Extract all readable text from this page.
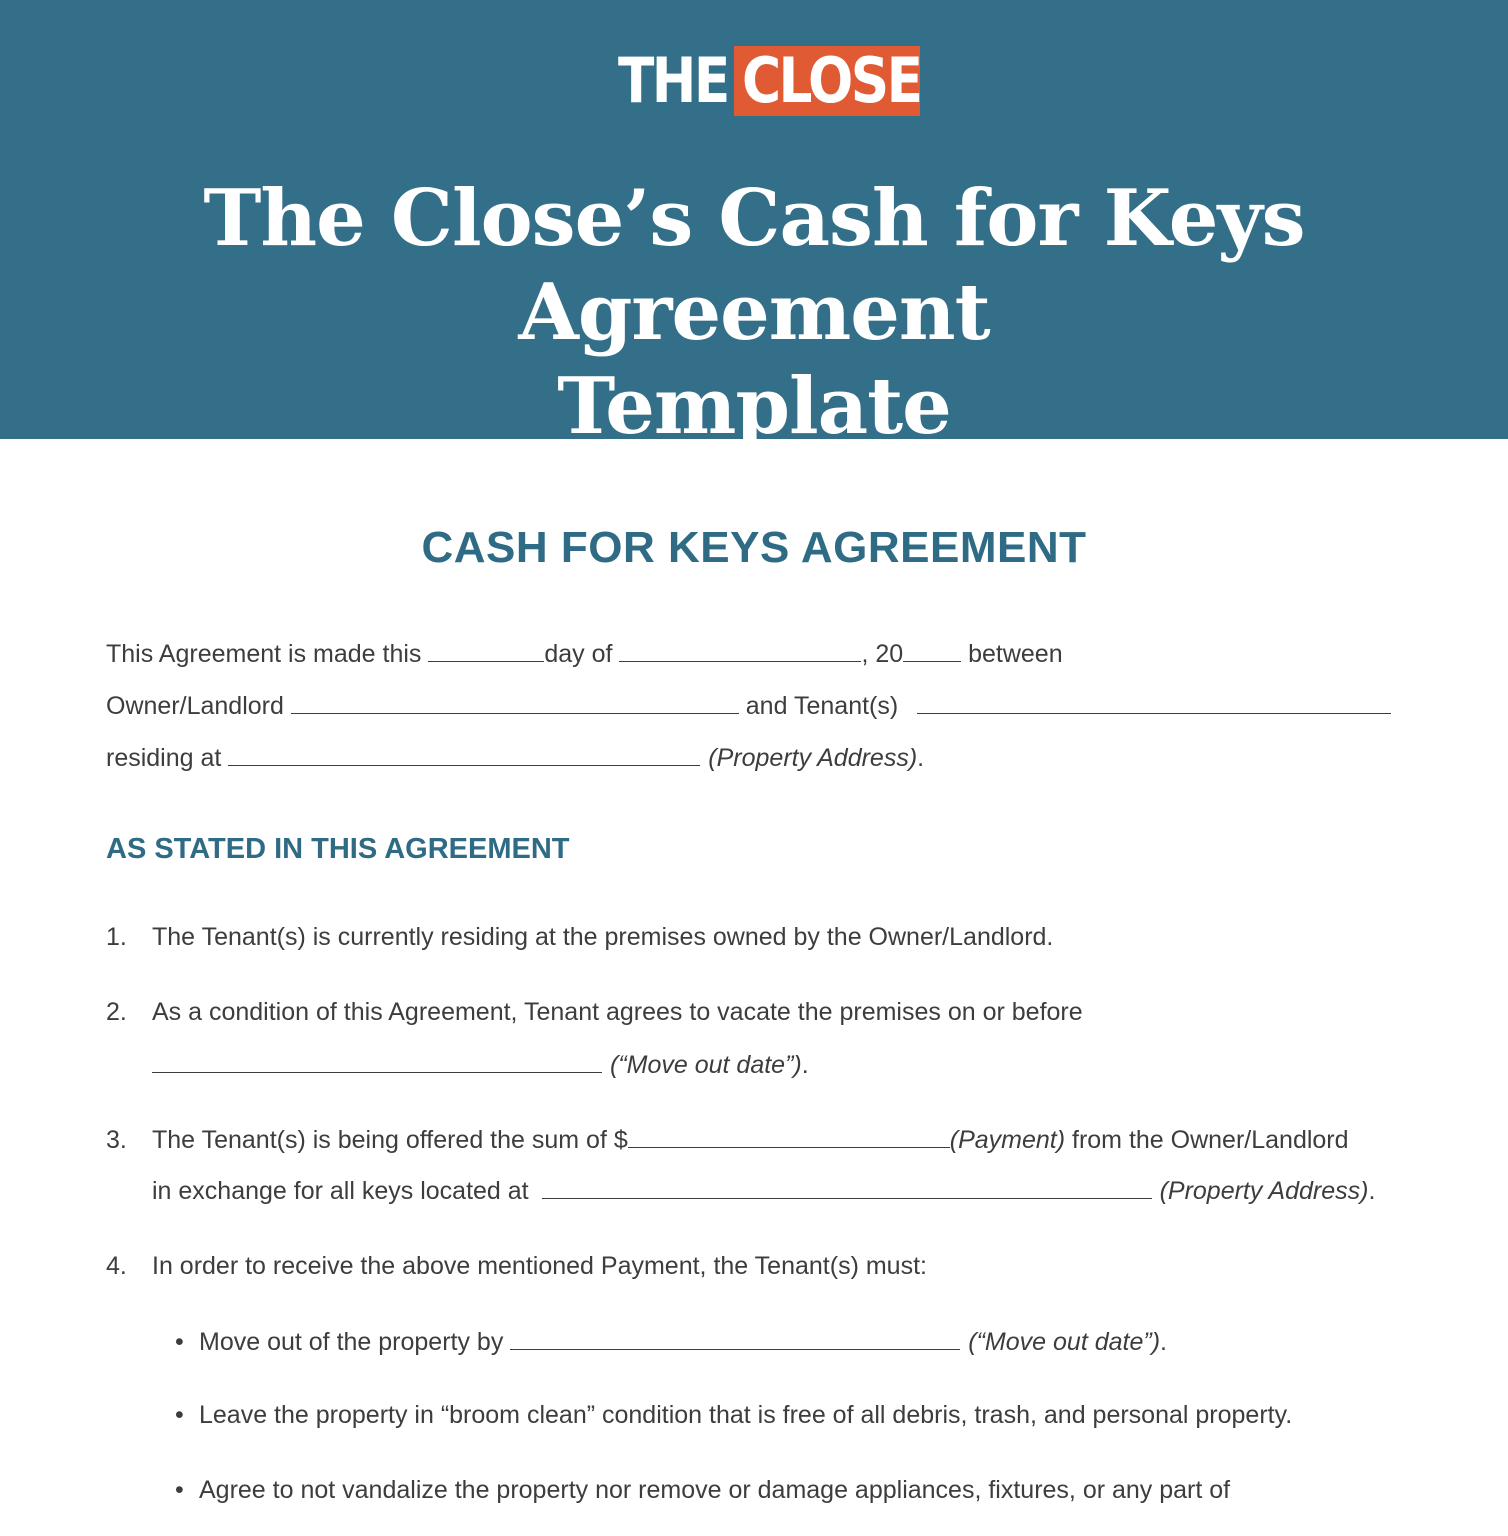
THE CLOSE
The Close’s Cash for Keys Agreement
Template
CASH FOR KEYS AGREEMENT
This Agreement is made this	day of	, 20 between
Owner/Landlord	and Tenant(s)
residing at	(Property Address).
AS STATED IN THIS AGREEMENT
1. The Tenant(s) is currently residing at the premises owned by the Owner/Landlord.
2. As a condition of this Agreement, Tenant agrees to vacate the premises on or before
(“Move out date”).
3. The Tenant(s) is being offered the sum of $	(Payment) from the Owner/Landlord
in exchange for all keys located at	(Property Address).
4. In order to receive the above mentioned Payment, the Tenant(s) must:
• Move out of the property by	(“Move out date”).
• Leave the property in “broom clean” condition that is free of all debris, trash, and personal property.
• Agree to not vandalize the property nor remove or damage appliances, fixtures, or any part of
